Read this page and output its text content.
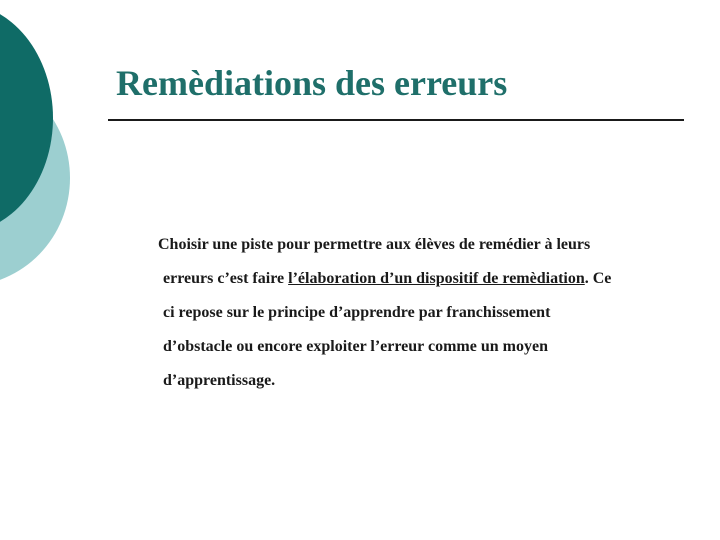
Remèdiations des erreurs
Choisir une piste pour permettre aux élèves de remédier à leurs
erreurs c’est faire l’élaboration d’un dispositif de remèdiation. Ce
ci repose sur le principe d’apprendre par franchissement
d’obstacle ou encore exploiter l’erreur comme un moyen
d’apprentissage.
